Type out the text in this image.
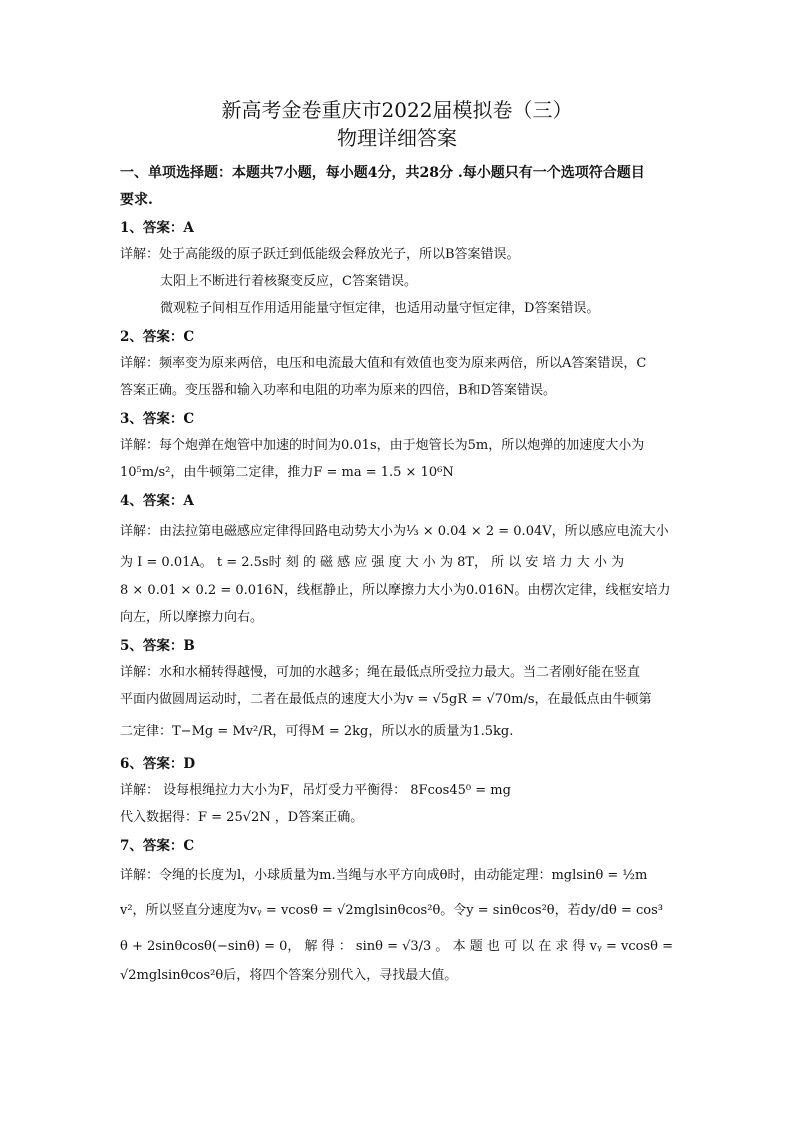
新高考金卷重庆市2022届模拟卷（三）
物理详细答案

一、单项选择题：本题共7小题，每小题4分，共28分 .每小题只有一个选项符合题目

要求.

1、答案：A

详解：处于高能级的原子跃迁到低能级会释放光子，所以B答案错误。

太阳上不断进行着核聚变反应，C答案错误。

微观粒子间相互作用适用能量守恒定律，也适用动量守恒定律，D答案错误。

2、答案：C

详解：频率变为原来两倍，电压和电流最大值和有效值也变为原来两倍，所以A答案错误，C

答案正确。变压器和输入功率和电阻的功率为原来的四倍，B和D答案错误。

3、答案：C

详解：每个炮弹在炮管中加速的时间为0.01s，由于炮管长为5m，所以炮弹的加速度大小为

10⁵m/s²，由牛顿第二定律，推力F = ma = 1.5 × 10⁶N

4、答案：A

详解：由法拉第电磁感应定律得回路电动势大小为⅓ × 0.04 × 2 = 0.04V，所以感应电流大小

为 I = 0.01A。 t = 2.5s时 刻 的 磁 感 应 强 度 大 小 为 8T， 所 以 安 培 力 大 小 为

8 × 0.01 × 0.2 = 0.016N，线框静止，所以摩擦力大小为0.016N。由楞次定律，线框安培力

向左，所以摩擦力向右。

5、答案：B

详解：水和水桶转得越慢，可加的水越多；绳在最低点所受拉力最大。当二者刚好能在竖直

平面内做圆周运动时，二者在最低点的速度大小为v = √5gR = √70m/s，在最低点由牛顿第

二定律：T−Mg = Mv²/R，可得M = 2kg，所以水的质量为1.5kg.

6、答案：D

详解： 设每根绳拉力大小为F，吊灯受力平衡得： 8Fcos45⁰ = mg

代入数据得：F = 25√2N ，D答案正确。

7、答案：C

详解：令绳的长度为l，小球质量为m.当绳与水平方向成θ时，由动能定理：mglsinθ = ½m

v²，所以竖直分速度为vᵧ = vcosθ = √2mglsinθcos²θ。令y = sinθcos²θ，若dy/dθ = cos³

θ + 2sinθcosθ(−sinθ) = 0， 解 得 ： sinθ = √3/3 。 本 题 也 可 以 在 求 得 vᵧ = vcosθ =

√2mglsinθcos²θ后，将四个答案分别代入，寻找最大值。
